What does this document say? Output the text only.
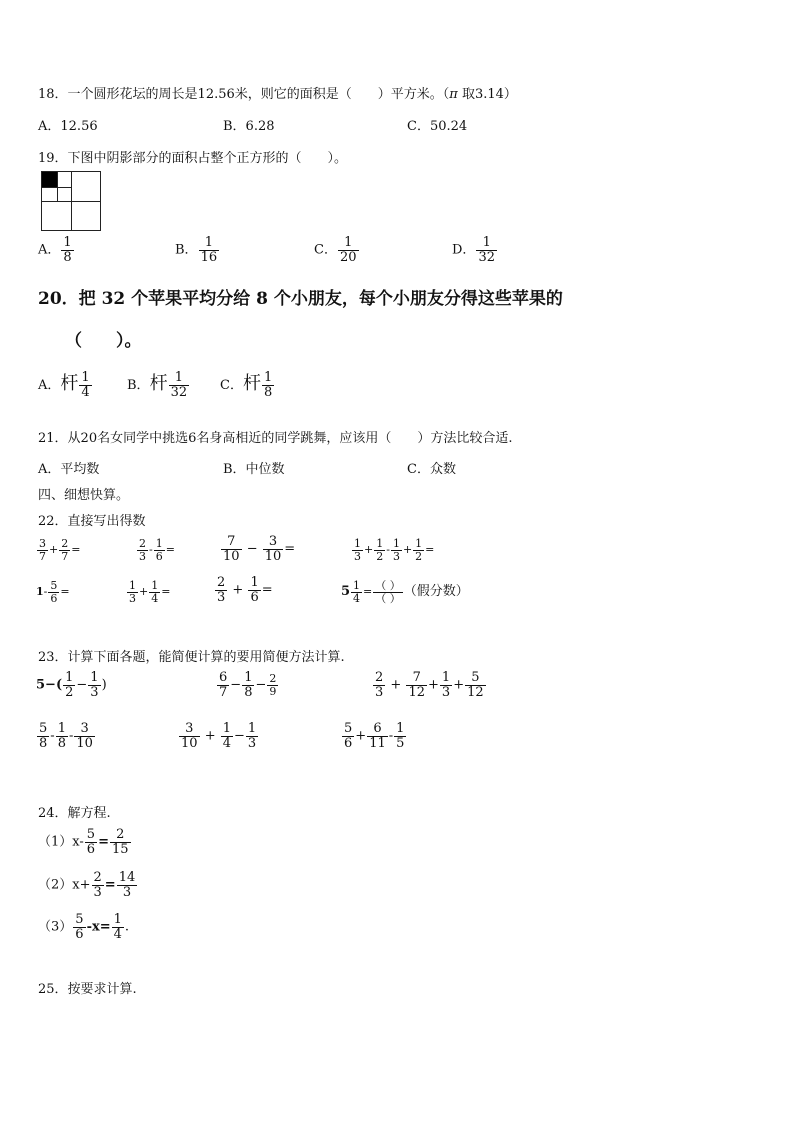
18．一个圆形花坛的周长是12.56米，则它的面积是（　　）平方米。（π 取3.14）
A．12.56	B．6.28	C．50.24
19．下图中阴影部分的面积占整个正方形的（　　）。
A． $\frac{1}{8}$	B． $\frac{1}{16}$	C． $\frac{1}{20}$	D． $\frac{1}{32}$
20．把 32 个苹果平均分给 8 个小朋友，每个小朋友分得这些苹果的
（　　）。
A．杆 $\frac{1}{4}$	B．杆 $\frac{1}{32}$ C．杆 $\frac{1}{8}$
21．从20名女同学中挑选6名身高相近的同学跳舞，应该用（　　）方法比较合适.
A．平均数	B．中位数	C．众数
四、细想快算。
22．直接写出得数
$\frac{3}{7} + \frac{2}{7}$ =	$\frac{2}{3} - \frac{1}{6}$ =	$\frac{7}{10} - \frac{3}{10}$ =	$\frac{1}{3} + \frac{1}{2} - \frac{1}{3} + \frac{1}{2}$ =
$1- \frac{5}{6}$ =	$\frac{1}{3} + \frac{1}{4}$ =	$\frac{2}{3} + \frac{1}{6}$ =	$5 \frac{1}{4}$ = （ ）
（ ） （假分数）
23．计算下面各题，能简便计算的要用简便方法计算.
$5-( \frac{1}{2} - \frac{1}{3}$ )	$\frac{6}{7} - \frac{1}{8} - \frac{2}{9}$	$\frac{2}{3} + \frac{7}{12} + \frac{1}{3} + \frac{5}{12}$
$\frac{5}{8} - \frac{1}{8} - \frac{3}{10}$	$\frac{3}{10} + \frac{1}{4} - \frac{1}{3}$	$\frac{5}{6} + \frac{6}{11} - \frac{1}{5}$
24．解方程.
$(1)x- \frac{5}{6} = \frac{2}{15}$
$(2)x+ \frac{2}{3} = \frac{14}{3}$
$(3) \frac{5}{6} -x= \frac{1}{4}$ .
25．按要求计算.
